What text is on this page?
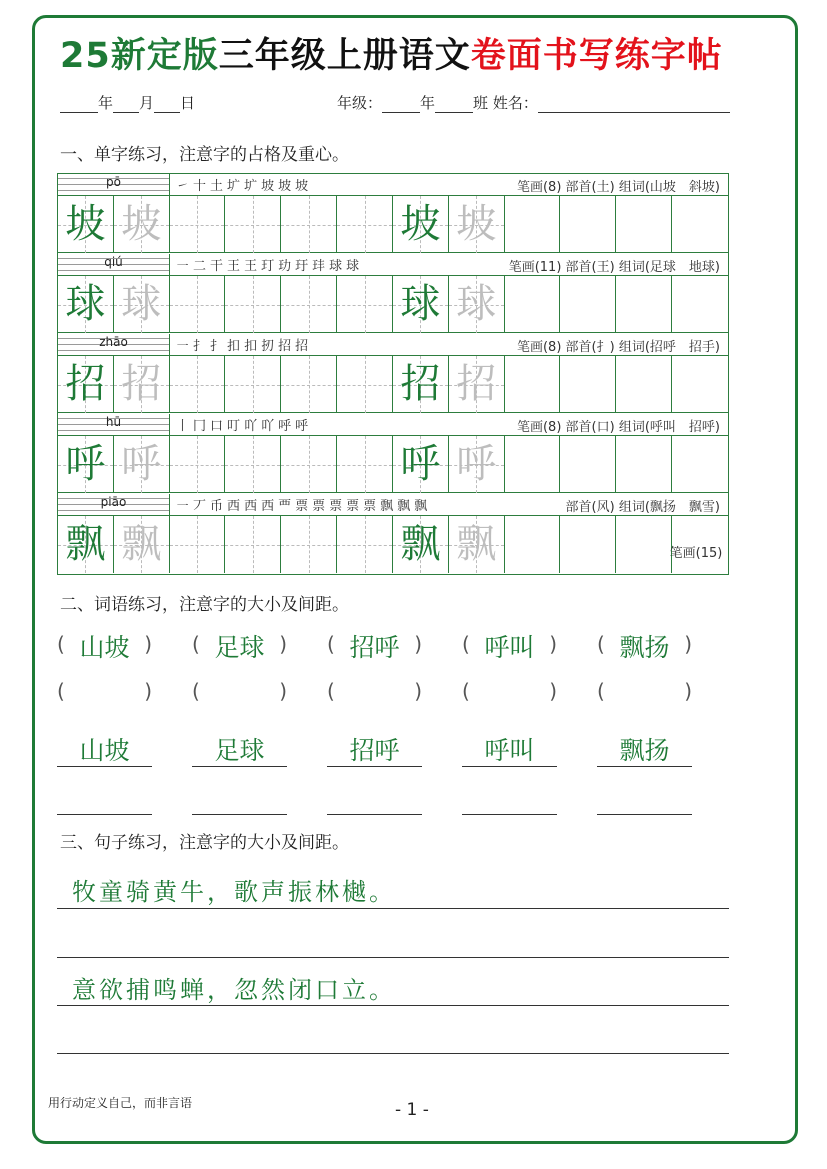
25新定版三年级上册语文卷面书写练字帖
年 月 日	年级：	年	班 姓名：
一、单字练习，注意字的占格及重心。
pō	㇀ 十 土 圹 圹 坡 坡 坡	笔画(8) 部首(土) 组词(山坡　斜坡)
坡 坡	坡 坡
qiú	㇐ 二 干 王 王 玎 玏 玗 玤 球 球	笔画(11) 部首(王) 组词(足球　地球)
球 球	球 球
zhāo	㇐ 扌 扌 扣 扣 扨 招 招	笔画(8) 部首(扌) 组词(招呼　招手)
招 招	招 招
hū	丨 冂 口 叮 吖 吖 呼 呼	笔画(8) 部首(口) 组词(呼叫　招呼)
呼 呼	呼 呼
piāo	㇐ 丆 币 西 西 西 覀 票 票 票 票 票 飘 飘 飘	部首(风) 组词(飘扬　飘雪)
飘 飘	飘 飘	笔画(15)
二、词语练习，注意字的大小及间距。
(	)
山坡
(	)
山坡
(	)
足球
(	)
足球
(	)
招呼
(	)
招呼
(	)
呼叫
(	)
呼叫
(	)
飘扬
(	)
飘扬
三、句子练习，注意字的大小及间距。
牧童骑黄牛，歌声振林樾。
意欲捕鸣蝉，忽然闭口立。
用行动定义自己，而非言语	- 1 -
